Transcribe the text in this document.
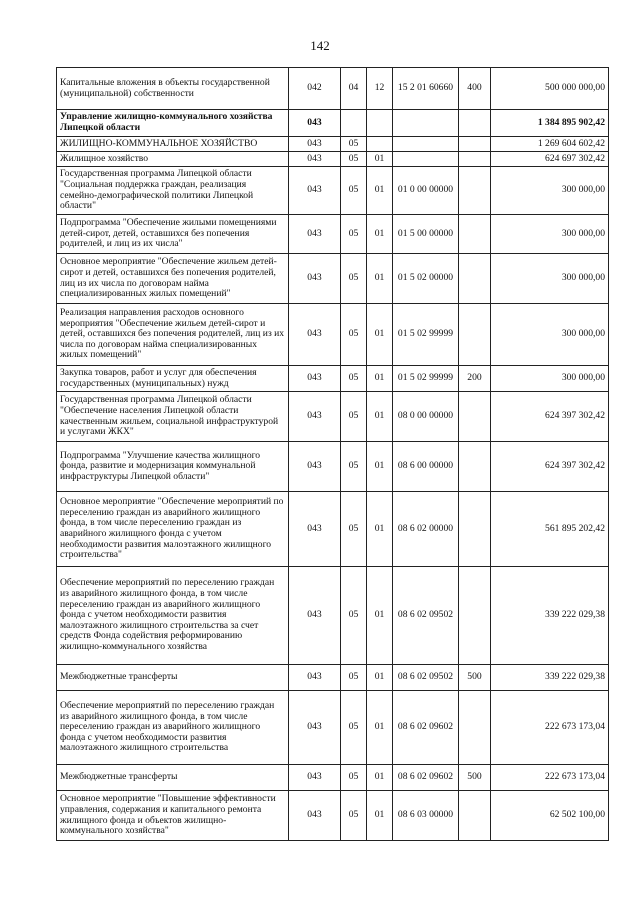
142
Капитальные вложения в объекты государственной (муниципальной) собственности	042	04	12	15 2 01 60660	400	500 000 000,00
Управление жилищно-коммунального хозяйства Липецкой области	043					1 384 895 902,42
ЖИЛИЩНО-КОММУНАЛЬНОЕ ХОЗЯЙСТВО	043	05				1 269 604 602,42
Жилищное хозяйство	043	05	01			624 697 302,42
Государственная программа Липецкой области "Социальная поддержка граждан, реализация семейно-демографической политики Липецкой области"	043	05	01	01 0 00 00000		300 000,00
Подпрограмма "Обеспечение жилыми помещениями детей-сирот, детей, оставшихся без попечения родителей, и лиц из их числа"	043	05	01	01 5 00 00000		300 000,00
Основное мероприятие "Обеспечение жильем детей-сирот и детей, оставшихся без попечения родителей, лиц из их числа по договорам найма специализированных жилых помещений"	043	05	01	01 5 02 00000		300 000,00
Реализация направления расходов основного мероприятия "Обеспечение жильем детей-сирот и детей, оставшихся без попечения родителей, лиц из их числа по договорам найма специализированных жилых помещений"	043	05	01	01 5 02 99999		300 000,00
Закупка товаров, работ и услуг для обеспечения государственных (муниципальных) нужд	043	05	01	01 5 02 99999	200	300 000,00
Государственная программа Липецкой области "Обеспечение населения Липецкой области качественным жильем, социальной инфраструктурой и услугами ЖКХ"	043	05	01	08 0 00 00000		624 397 302,42
Подпрограмма "Улучшение качества жилищного фонда, развитие и модернизация коммунальной инфраструктуры Липецкой области"	043	05	01	08 6 00 00000		624 397 302,42
Основное мероприятие "Обеспечение мероприятий по переселению граждан из аварийного жилищного фонда, в том числе переселению граждан из аварийного жилищного фонда с учетом необходимости развития малоэтажного жилищного строительства"	043	05	01	08 6 02 00000		561 895 202,42
Обеспечение мероприятий по переселению граждан из аварийного жилищного фонда, в том числе переселению граждан из аварийного жилищного фонда с учетом необходимости развития малоэтажного жилищного строительства за счет средств Фонда содействия реформированию жилищно-коммунального хозяйства	043	05	01	08 6 02 09502		339 222 029,38
Межбюджетные трансферты	043	05	01	08 6 02 09502	500	339 222 029,38
Обеспечение мероприятий по переселению граждан из аварийного жилищного фонда, в том числе переселению граждан из аварийного жилищного фонда с учетом необходимости развития малоэтажного жилищного строительства	043	05	01	08 6 02 09602		222 673 173,04
Межбюджетные трансферты	043	05	01	08 6 02 09602	500	222 673 173,04
Основное мероприятие "Повышение эффективности управления, содержания и капитального ремонта жилищного фонда и объектов жилищно-коммунального хозяйства"	043	05	01	08 6 03 00000		62 502 100,00
